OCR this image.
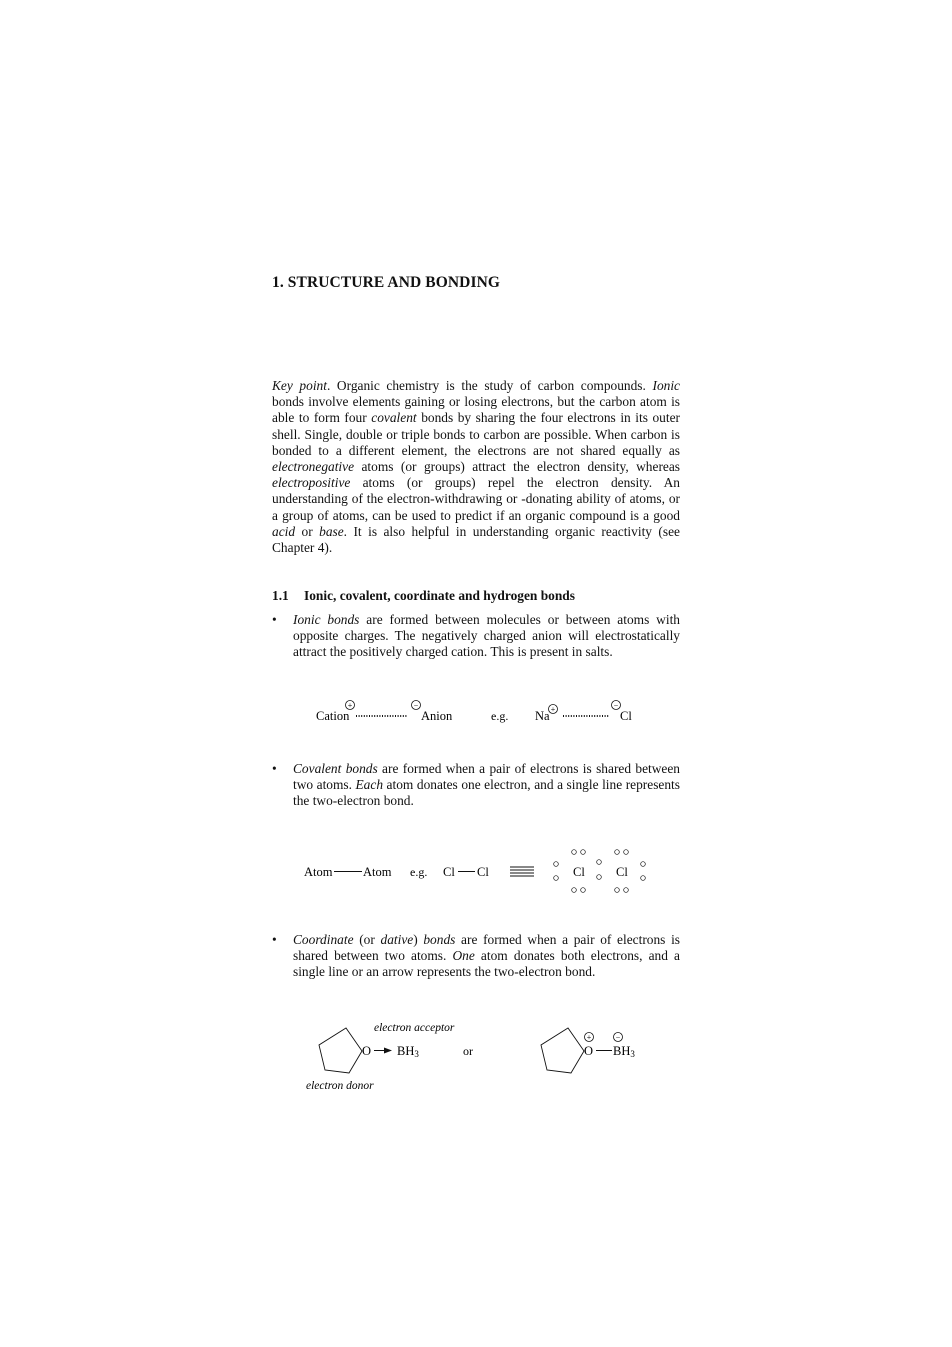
1. STRUCTURE AND BONDING

Key point. Organic chemistry is the study of carbon compounds. Ionic bonds involve elements gaining or losing electrons, but the carbon atom is able to form four covalent bonds by sharing the four electrons in its outer shell. Single, double or triple bonds to carbon are possible. When carbon is bonded to a different element, the electrons are not shared equally as electronegative atoms (or groups) attract the electron density, whereas electropositive atoms (or groups) repel the electron density. An understanding of the electron-withdrawing or -donating ability of atoms, or a group of atoms, can be used to predict if an organic compound is a good acid or base. It is also helpful in understanding organic reactivity (see Chapter 4).

1.1 Ionic, covalent, coordinate and hydrogen bonds
• Ionic bonds are formed between molecules or between atoms with opposite charges. The negatively charged anion will electrostatically attract the positively charged cation. This is present in salts.

Cation
+	−
Anion	e.g. Na +	−
Cl
• Covalent bonds are formed when a pair of electrons is shared between two atoms. Each atom donates one electron, and a single line represents the two-electron bond.

Atom Atom e.g. Cl Cl	Cl Cl
• Coordinate (or dative) bonds are formed when a pair of electrons is shared between two atoms. One atom donates both electrons, and a single line or an arrow represents the two-electron bond.

electron acceptor
O BH3	or
+	−
O BH3
electron donor
